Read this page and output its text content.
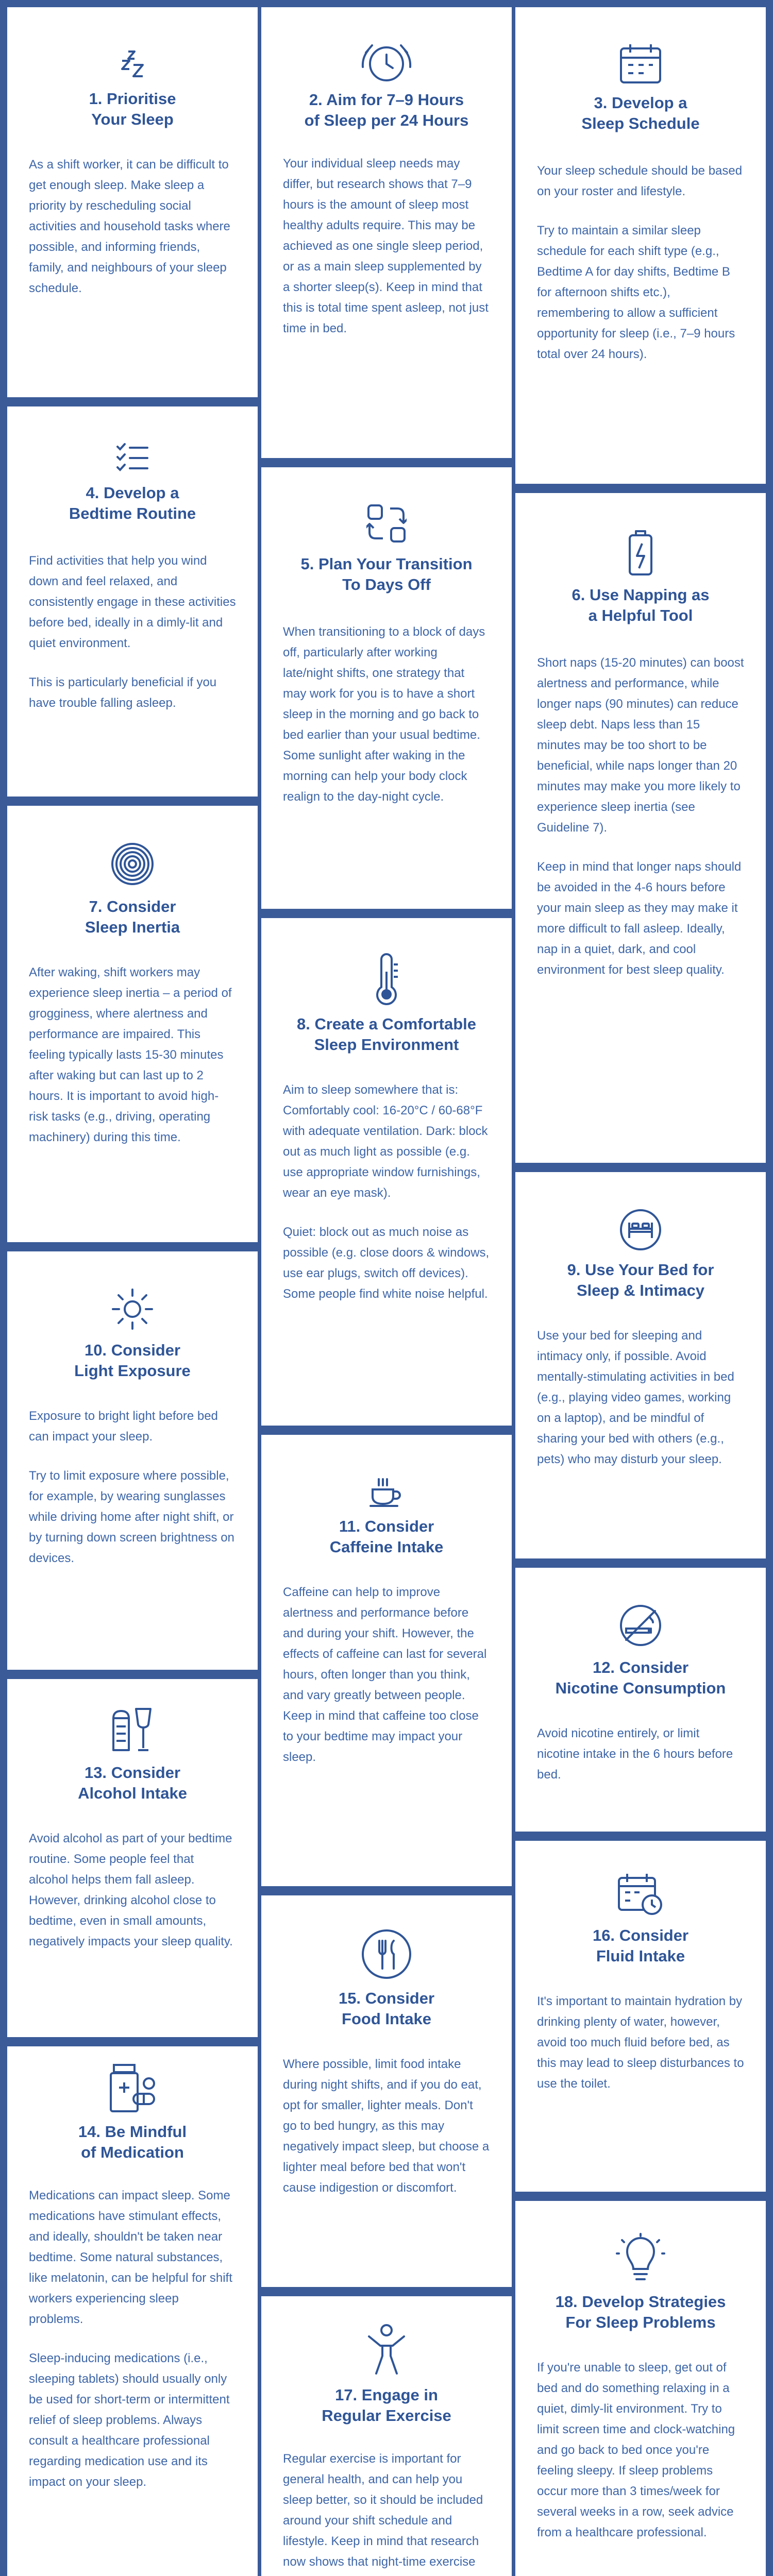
1. Prioritise
Your Sleep

As a shift worker, it can be difficult to get enough sleep. Make sleep a priority by rescheduling social activities and household tasks where possible, and informing friends, family, and neighbours of your sleep schedule.

4. Develop a
Bedtime Routine

Find activities that help you wind down and feel relaxed, and consistently engage in these activities before bed, ideally in a dimly-lit and quiet environment.

This is particularly beneficial if you have trouble falling asleep.

7. Consider
Sleep Inertia

After waking, shift workers may experience sleep inertia – a period of grogginess, where alertness and performance are impaired. This feeling typically lasts 15-30 minutes after waking but can last up to 2 hours. It is important to avoid high-risk tasks (e.g., driving, operating machinery) during this time.

10. Consider
Light Exposure

Exposure to bright light before bed can impact your sleep.

Try to limit exposure where possible, for example, by wearing sunglasses while driving home after night shift, or by turning down screen brightness on devices.

13. Consider
Alcohol Intake

Avoid alcohol as part of your bedtime routine. Some people feel that alcohol helps them fall asleep. However, drinking alcohol close to bedtime, even in small amounts, negatively impacts your sleep quality.

14. Be Mindful
of Medication

Medications can impact sleep. Some medications have stimulant effects, and ideally, shouldn't be taken near bedtime. Some natural substances, like melatonin, can be helpful for shift workers experiencing sleep problems.

Sleep-inducing medications (i.e., sleeping tablets) should usually only be used for short-term or intermittent relief of sleep problems. Always consult a healthcare professional regarding medication use and its impact on your sleep.

2. Aim for 7–9 Hours
of Sleep per 24 Hours

Your individual sleep needs may differ, but research shows that 7–9 hours is the amount of sleep most healthy adults require. This may be achieved as one single sleep period, or as a main sleep supplemented by a shorter sleep(s). Keep in mind that this is total time spent asleep, not just time in bed.

5. Plan Your Transition
To Days Off

When transitioning to a block of days off, particularly after working late/night shifts, one strategy that may work for you is to have a short sleep in the morning and go back to bed earlier than your usual bedtime. Some sunlight after waking in the morning can help your body clock realign to the day-night cycle.

8. Create a Comfortable
Sleep Environment

Aim to sleep somewhere that is: Comfortably cool: 16-20°C / 60-68°F with adequate ventilation. Dark: block out as much light as possible (e.g. use appropriate window furnishings, wear an eye mask).

Quiet: block out as much noise as possible (e.g. close doors & windows, use ear plugs, switch off devices). Some people find white noise helpful.

11. Consider
Caffeine Intake

Caffeine can help to improve alertness and performance before and during your shift. However, the effects of caffeine can last for several hours, often longer than you think, and vary greatly between people. Keep in mind that caffeine too close to your bedtime may impact your sleep.

15. Consider
Food Intake

Where possible, limit food intake during night shifts, and if you do eat, opt for smaller, lighter meals. Don't go to bed hungry, as this may negatively impact sleep, but choose a lighter meal before bed that won't cause indigestion or discomfort.

17. Engage in
Regular Exercise

Regular exercise is important for general health, and can help you sleep better, so it should be included around your shift schedule and lifestyle. Keep in mind that research now shows that night-time exercise

3. Develop a
Sleep Schedule

Your sleep schedule should be based on your roster and lifestyle.

Try to maintain a similar sleep schedule for each shift type (e.g., Bedtime A for day shifts, Bedtime B for afternoon shifts etc.), remembering to allow a sufficient opportunity for sleep (i.e., 7–9 hours total over 24 hours).

6. Use Napping as
a Helpful Tool

Short naps (15-20 minutes) can boost alertness and performance, while longer naps (90 minutes) can reduce sleep debt. Naps less than 15 minutes may be too short to be beneficial, while naps longer than 20 minutes may make you more likely to experience sleep inertia (see Guideline 7).

Keep in mind that longer naps should be avoided in the 4-6 hours before your main sleep as they may make it more difficult to fall asleep. Ideally, nap in a quiet, dark, and cool environment for best sleep quality.

9. Use Your Bed for
Sleep & Intimacy

Use your bed for sleeping and intimacy only, if possible. Avoid mentally-stimulating activities in bed (e.g., playing video games, working on a laptop), and be mindful of sharing your bed with others (e.g., pets) who may disturb your sleep.

12. Consider
Nicotine Consumption

Avoid nicotine entirely, or limit nicotine intake in the 6 hours before bed.

16. Consider
Fluid Intake

It's important to maintain hydration by drinking plenty of water, however, avoid too much fluid before bed, as this may lead to sleep disturbances to use the toilet.

18. Develop Strategies
For Sleep Problems

If you're unable to sleep, get out of bed and do something relaxing in a quiet, dimly-lit environment. Try to limit screen time and clock-watching and go back to bed once you're feeling sleepy. If sleep problems occur more than 3 times/week for several weeks in a row, seek advice from a healthcare professional.
